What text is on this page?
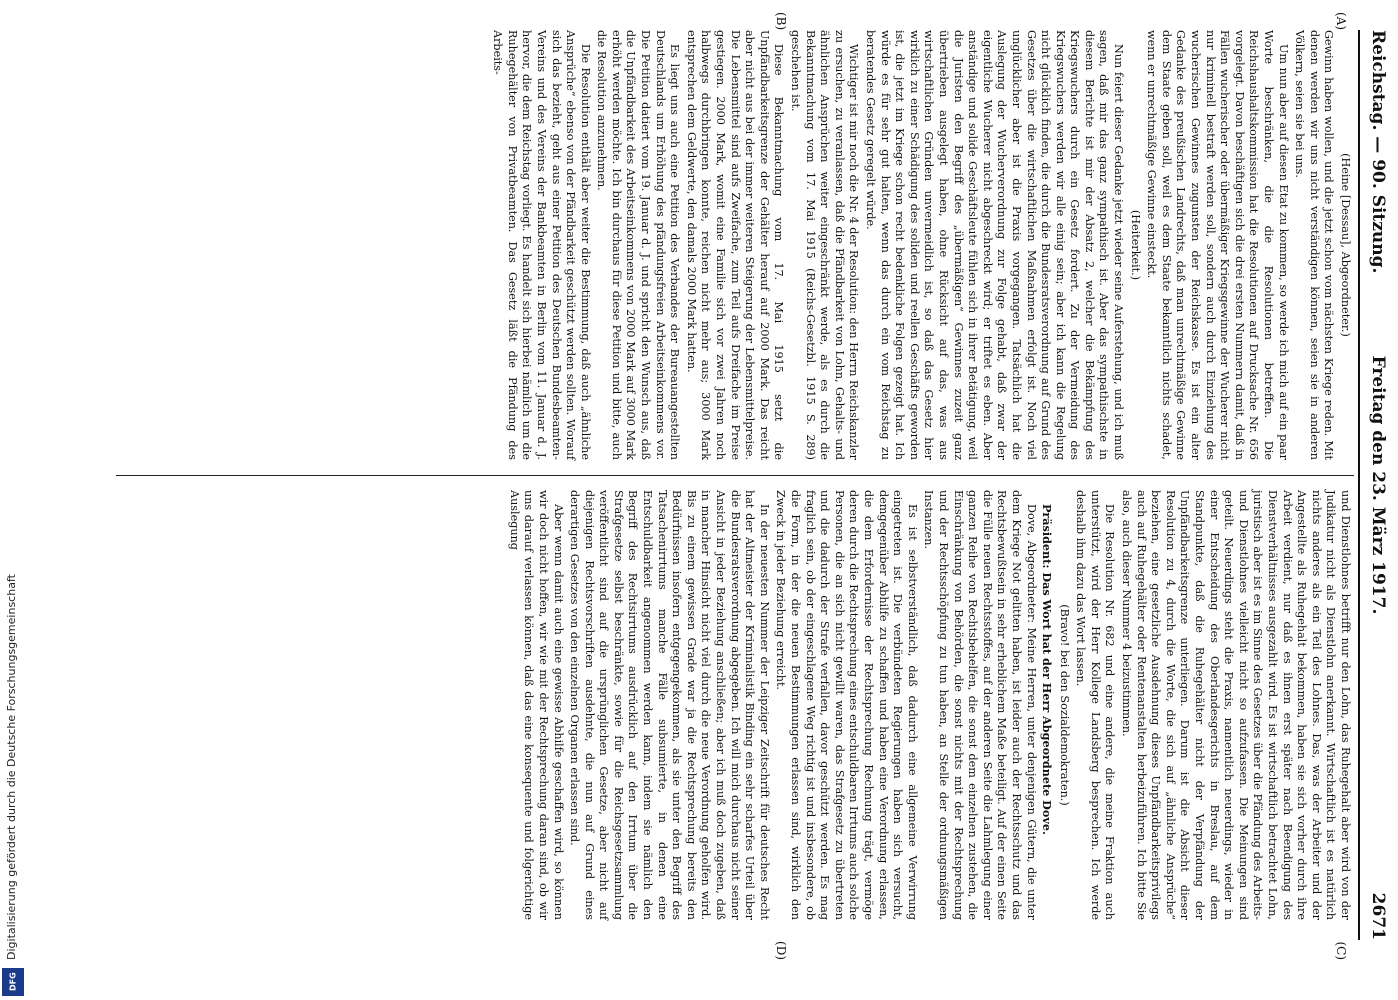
Reichstag. — 90. Sitzung.
Freitag den 23. März 1917.
2671
(A)
(B)
(C)
(D)

(Heine [Dessau], Abgeordneter.)

Gewinn haben wollen, und die jetzt schon vom nächsten Kriege reden. Mit denen werden wir uns nicht verständigen können, seien sie in anderen Völkern, seien sie bei uns.

Um nun aber auf diesen Etat zu kommen, so werde ich mich auf ein paar Worte beschränken, die die Resolutionen betreffen. Die Reichshaushaltskommission hat die Resolutionen auf Drucksache Nr. 656 vorgelegt. Davon beschäftigen sich die drei ersten Nummern damit, daß in Fällen wucherischer oder übermäßiger Kriegsgewinne der Wucherer nicht nur kriminell bestraft werden soll, sondern auch durch Einziehung des wucherischen Gewinnes zugunsten der Reichskasse. Es ist ein alter Gedanke des preußischen Landrechts, daß man unrechtmäßige Gewinne dem Staate geben soll, weil es dem Staate bekanntlich nichts schadet, wenn er unrechtmäßige Gewinne einsteckt.

(Heiterkeit.)

Nun feiert dieser Gedanke jetzt wieder seine Auferstehung, und ich muß sagen, daß mir das ganz sympathisch ist. Aber das sympathischste in diesem Berichte ist mir der Absatz 2, welcher die Bekämpfung des Kriegswuchers durch ein Gesetz fordert. Zu der Vermeidung des Kriegswuchers werden wir alle einig sein; aber ich kann die Regelung nicht glücklich finden, die durch die Bundesratsverordnung auf Grund des Gesetzes über die wirtschaftlichen Maßnahmen erfolgt ist. Noch viel unglücklicher aber ist die Praxis vorgegangen. Tatsächlich hat die Auslegung der Wucherverordnung zur Folge gehabt, daß zwar der eigentliche Wucherer nicht abgeschreckt wird; er triftet es eben. Aber anständige und solide Geschäftsleute fühlen sich in ihrer Betätigung, weil die Juristen den Begriff des „übermäßigen“ Gewinnes zuzeit ganz übertrieben ausgelegt haben, ohne Rücksicht auf das, was aus wirtschaftlichen Gründen unvermeidlich ist, so daß das Gesetz hier wirklich zu einer Schädigung des soliden und reellen Geschäfts geworden ist, die jetzt im Kriege schon recht bedenkliche Folgen gezeigt hat. Ich würde es für sehr gut halten, wenn das durch ein vom Reichstag zu beratendes Gesetz geregelt würde.

Wichtiger ist mir noch die Nr. 4 der Resolution: den Herrn Reichskanzler zu ersuchen, zu veranlassen, daß die Pfändbarkeit von Lohn, Gehalts- und ähnlichen Ansprüchen weiter eingeschränkt werde, als es durch die Bekanntmachung vom 17. Mai 1915 (Reichs-Gesetzbl. 1915 S. 289) geschehen ist.

Diese Bekanntmachung vom 17. Mai 1915 setzt die Unpfändbarkeitsgrenze der Gehälter herauf auf 2000 Mark. Das reicht aber nicht aus bei der immer weiteren Steigerung der Lebensmittelpreise. Die Lebensmittel sind aufs Zweifache, zum Teil aufs Dreifache im Preise gestiegen. 2000 Mark, womit eine Familie sich vor zwei Jahren noch halbwegs durchbringen konnte, reichen nicht mehr aus; 3000 Mark entsprechen dem Geldwerte, den damals 2000 Mark hatten.

Es liegt uns auch eine Petition des Verbandes der Bureauangestellten Deutschlands um Erhöhung des pfändungsfreien Arbeitseinkommens vor. Die Petition datiert vom 19. Januar d. J. und spricht den Wunsch aus, daß die Unpfändbarkeit des Arbeitseinkommens von 2000 Mark auf 3000 Mark erhöht werden möchte. Ich bin durchaus für diese Petition und bitte, auch die Resolution anzunehmen.

Die Resolution enthält aber weiter die Bestimmung, daß auch „ähnliche Ansprüche“ ebenso von der Pfändbarkeit geschützt werden sollten. Worauf sich das bezieht, geht aus einer Petition des Deutschen Bundesbeamten-Vereins und des Vereins der Bankbeamten in Berlin vom 11. Januar d. J. hervor, die dem Reichstag vorliegt. Es handelt sich hierbei nämlich um die Ruhegehälter von Privatbeamten. Das Gesetz läßt die Pfändung des Arbeits-

und Dienstlohnes betrifft nur den Lohn, das Ruhegehalt aber wird von der Judikatur nicht als Dienstlohn anerkannt. Wirtschaftlich ist es natürlich nichts anderes als ein Teil des Lohnes. Das, was der Arbeiter und der Angestellte als Ruhegehalt bekommen, haben sie sich vorher durch ihre Arbeit verdient, nur daß es ihnen erst später nach Beendigung des Dienstverhältnisses ausgezahlt wird. Es ist wirtschaftlich betrachtet Lohn, juristisch aber ist es im Sinne des Gesetzes über die Pfändung des Arbeits- und Dienstlohnes vielleicht nicht so aufzufassen. Die Meinungen sind geteilt. Neuerdings steht die Praxis, namentlich neuerdings, wieder in einer Entscheidung des Oberlandesgerichts in Breslau, auf dem Standpunkte, daß die Ruhegehälter nicht der Verpfändung der Unpfändbarkeitsgrenze unterliegen. Darum ist die Absicht dieser Resolution zu 4, durch die Worte, die sich auf „ähnliche Ansprüche“ beziehen, eine gesetzliche Ausdehnung dieses Unpfändbarkeitsprivilegs auch auf Ruhegehälter oder Rentenanstalten herbeizuführen. Ich bitte Sie also, auch dieser Nummer 4 beizustimmen.

Die Resolution Nr. 682 und eine andere, die meine Fraktion auch unterstützt, wird der Herr Kollege Landsberg besprechen. Ich werde deshalb ihm dazu das Wort lassen.

(Bravo! bei den Sozialdemokraten.)

Präsident: Das Wort hat der Herr Abgeordnete Dove.

Dove, Abgeordneter: Meine Herren, unter denjenigen Gütern, die unter dem Kriege Not gelitten haben, ist leider auch der Rechtsschutz und das Rechtsbewußtsein in sehr erheblichem Maße beteiligt. Auf der einen Seite die Fülle neuen Rechtsstoffes, auf der anderen Seite die Lahmlegung einer ganzen Reihe von Rechtsbehelfen, die sonst dem einzelnen zustehen, die Einschränkung von Behörden, die sonst nichts mit der Rechtsprechung und der Rechtsschöpfung zu tun haben, an Stelle der ordnungsmäßigen Instanzen.

Es ist selbstverständlich, daß dadurch eine allgemeine Verwirrung eingetreten ist. Die verbündeten Regierungen haben sich versucht, demgegenüber Abhilfe zu schaffen und haben eine Verordnung erlassen, die dem Erfordernisse der Rechtsprechung Rechnung trägt, vermöge deren durch die Rechtsprechung eines entschuldbaren Irrtums auch solche Personen, die an sich nicht gewillt waren, das Strafgesetz zu übertreten und die dadurch der Strafe verfallen, davor geschützt werden. Es mag fraglich sein, ob der eingeschlagene Weg richtig ist und insbesondere, ob die Form, in der die neuen Bestimmungen erlassen sind, wirklich den Zweck in jeder Beziehung erreicht.

In der neuesten Nummer der Leipziger Zeitschrift für deutsches Recht hat der Altmeister der Kriminalistik Binding ein sehr scharfes Urteil über die Bundesratsverordnung abgegeben. Ich will mich durchaus nicht seiner Ansicht in jeder Beziehung anschließen; aber ich muß doch zugeben, daß in mancher Hinsicht nicht viel durch die neue Verordnung geholfen wird. Bis zu einem gewissen Grade war ja die Rechtsprechung bereits den Bedürfnissen insofern entgegengekommen, als sie unter den Begriff des Tatsachenirrtums manche Fälle subsumierte, in denen eine Entschuldbarkeit angenommen werden kann, indem sie nämlich den Begriff des Rechtsirrtums ausdrücklich auf den Irrtum über die Strafgesetze selbst beschränkte, sowie für die Reichsgesetzsammlung veröffentlicht sind auf die ursprünglichen Gesetze, aber nicht auf diejenigen Rechtsvorschriften ausdehnte, die nun auf Grund eines derartigen Gesetzes von den einzelnen Organen erlassen sind.

Aber wenn damit auch eine gewisse Abhilfe geschaffen wird, so können wir doch nicht hoffen, wir wie mit der Rechtsprechung daran sind, ob wir uns darauf verlassen können, daß das eine konsequente und folgerichtige Auslegung

Digitalisierung gefördert durch die Deutsche Forschungsgemeinschaft
DFG
